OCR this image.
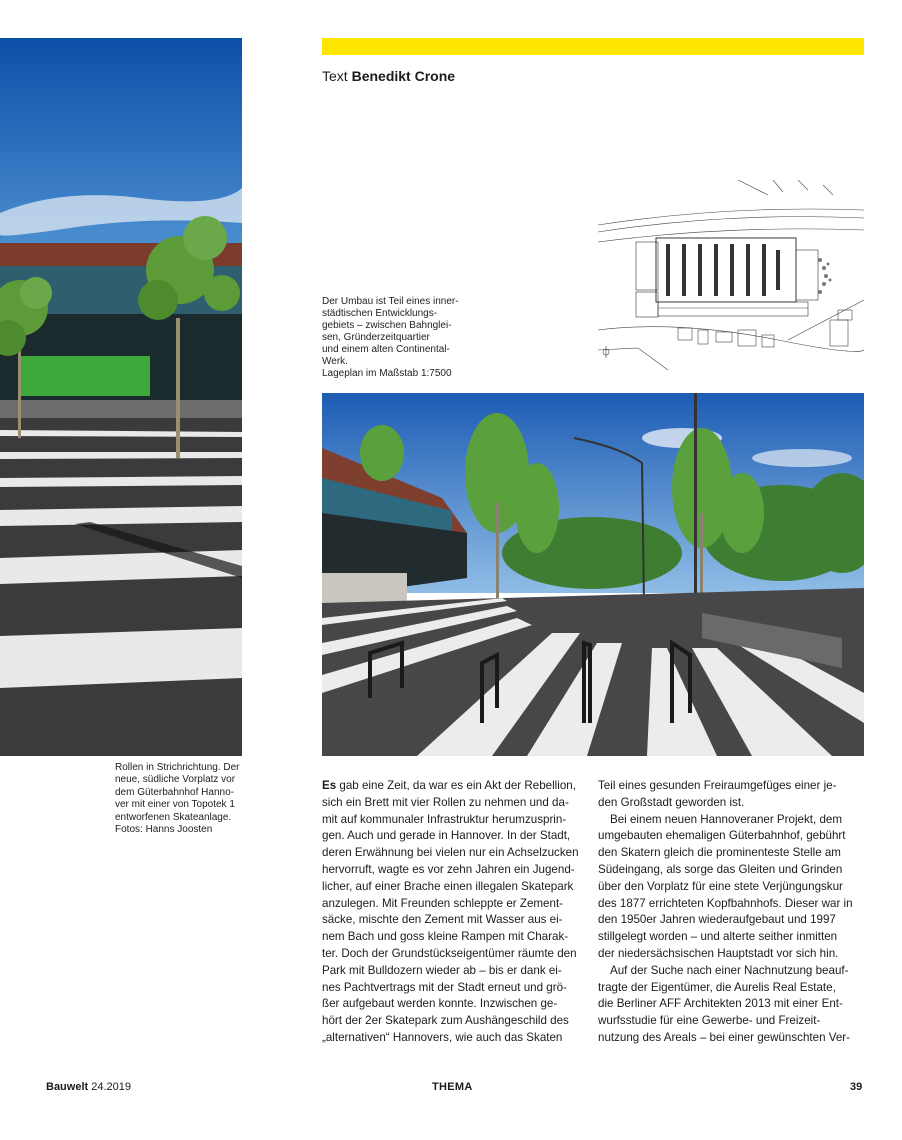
Text Benedikt Crone
Der Umbau ist Teil eines inner-
städtischen Entwicklungs-
gebiets – zwischen Bahnglei-
sen, Gründerzeitquartier
und einem alten Continental-
Werk.
Lageplan im Maßstab 1:7500
Rollen in Strichrichtung. Der
neue, südliche Vorplatz vor
dem Güterbahnhof Hanno-
ver mit einer von Topotek 1
entworfenen Skateanlage.
Fotos: Hanns Joosten
Es gab eine Zeit, da war es ein Akt der Rebellion,
sich ein Brett mit vier Rollen zu nehmen und da-
mit auf kommunaler Infrastruktur herumzusprin-
gen. Auch und gerade in Hannover. In der Stadt,
deren Erwähnung bei vielen nur ein Achselzucken
hervorruft, wagte es vor zehn Jahren ein Jugend-
licher, auf einer Brache einen illegalen Skatepark
anzulegen. Mit Freunden schleppte er Zement-
säcke, mischte den Zement mit Wasser aus ei-
nem Bach und goss kleine Rampen mit Charak-
ter. Doch der Grundstückseigentümer räumte den
Park mit Bulldozern wieder ab – bis er dank ei-
nes Pachtvertrags mit der Stadt erneut und grö-
ßer aufgebaut werden konnte. Inzwischen ge-
hört der 2er Skatepark zum Aushängeschild des
„alternativen“ Hannovers, wie auch das Skaten
Teil eines gesunden Freiraumgefüges einer je-
den Großstadt geworden ist.
Bei einem neuen Hannoveraner Projekt, dem
umgebauten ehemaligen Güterbahnhof, gebührt
den Skatern gleich die prominenteste Stelle am
Südeingang, als sorge das Gleiten und Grinden
über den Vorplatz für eine stete Verjüngungskur
des 1877 errichteten Kopfbahnhofs. Dieser war in
den 1950er Jahren wiederaufgebaut und 1997
stillgelegt worden – und alterte seither inmitten
der niedersächsischen Hauptstadt vor sich hin.
Auf der Suche nach einer Nachnutzung beauf-
tragte der Eigentümer, die Aurelis Real Estate,
die Berliner AFF Architekten 2013 mit einer Ent-
wurfsstudie für eine Gewerbe- und Freizeit-
nutzung des Areals – bei einer gewünschten Ver-
Bauwelt 24.2019	THEMA	39
